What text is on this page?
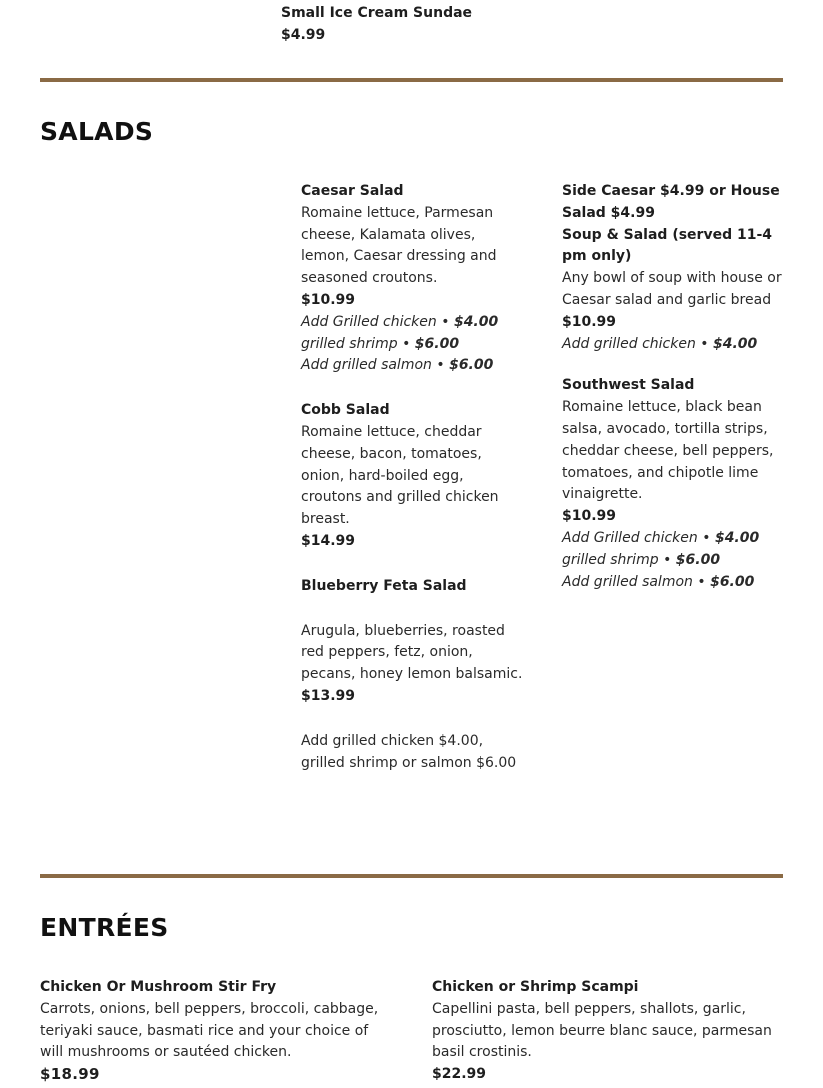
Small Ice Cream Sundae

$4.99

SALADS

Caesar Salad

Romaine lettuce, Parmesan cheese, Kalamata olives, lemon, Caesar dressing and seasoned croutons.

$10.99

Add Grilled chicken • $4.00

grilled shrimp • $6.00

Add grilled salmon • $6.00

Cobb Salad

Romaine lettuce, cheddar cheese, bacon, tomatoes, onion, hard-boiled egg, croutons and grilled chicken breast.

$14.99

Blueberry Feta Salad

Arugula, blueberries, roasted red peppers, fetz, onion, pecans, honey lemon balsamic.

$13.99

Add grilled chicken $4.00, grilled shrimp or salmon $6.00

Side Caesar $4.99 or House Salad $4.99

Soup & Salad (served 11-4 pm only)

Any bowl of soup with house or Caesar salad and garlic bread

$10.99

Add grilled chicken • $4.00

Southwest Salad

Romaine lettuce, black bean salsa, avocado, tortilla strips, cheddar cheese, bell peppers, tomatoes, and chipotle lime vinaigrette.

$10.99

Add Grilled chicken • $4.00

grilled shrimp • $6.00

Add grilled salmon • $6.00

ENTRÉES

Chicken Or Mushroom Stir Fry

Carrots, onions, bell peppers, broccoli, cabbage, teriyaki sauce, basmati rice and your choice of will mushrooms or sautéed chicken.

$18.99

Chicken or Shrimp Scampi

Capellini pasta, bell peppers, shallots, garlic, prosciutto, lemon beurre blanc sauce, parmesan basil crostinis.

$22.99
